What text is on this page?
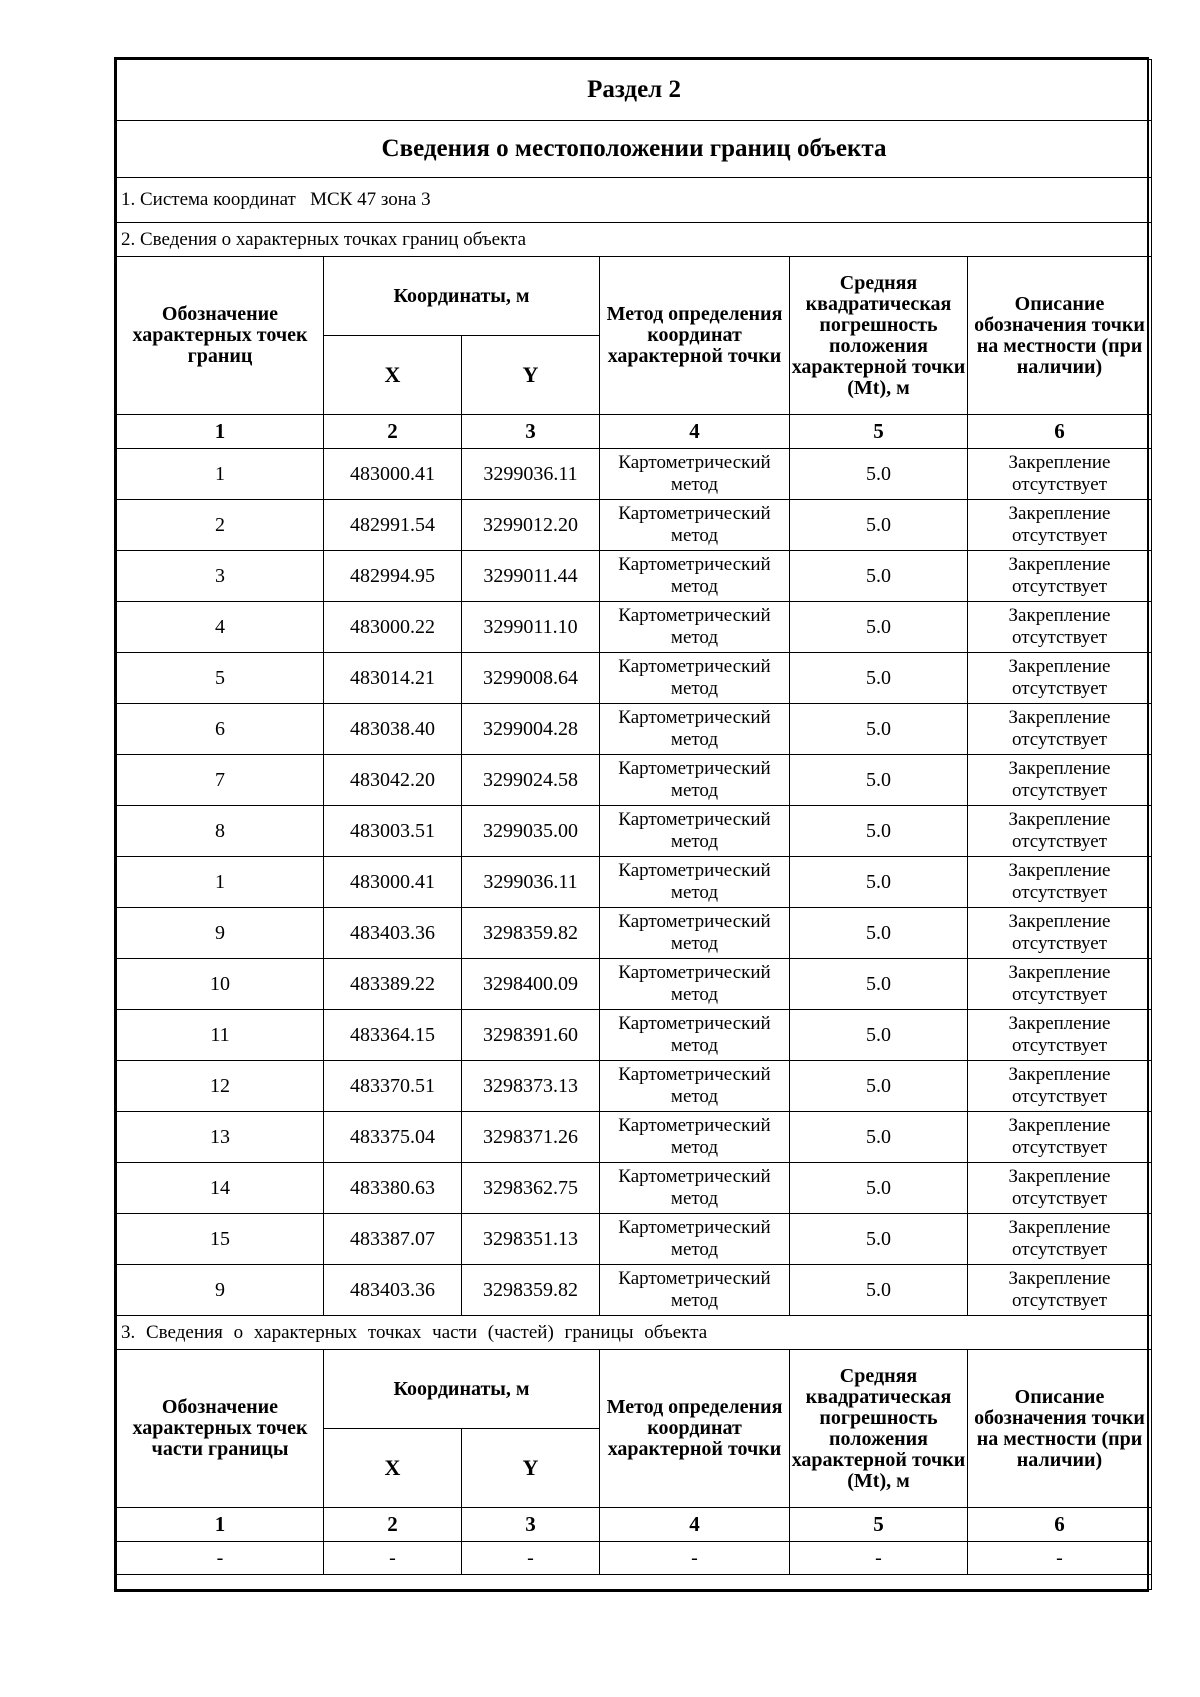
Раздел 2					
Сведения о местоположении границ объекта					
1. Система координат   МСК 47 зона 3					
2. Сведения о характерных точках границ объекта					
Обозначение характерных точек границ	Координаты, м		Метод определения координат характерной точки	Средняя квадратическая погрешность положения характерной точки (Mt), м	Описание обозначения точки на местности (при наличии)
	X	Y			
1	2	3	4	5	6
1	483000.41	3299036.11	Картометрический метод	5.0	Закрепление отсутствует
2	482991.54	3299012.20	Картометрический метод	5.0	Закрепление отсутствует
3	482994.95	3299011.44	Картометрический метод	5.0	Закрепление отсутствует
4	483000.22	3299011.10	Картометрический метод	5.0	Закрепление отсутствует
5	483014.21	3299008.64	Картометрический метод	5.0	Закрепление отсутствует
6	483038.40	3299004.28	Картометрический метод	5.0	Закрепление отсутствует
7	483042.20	3299024.58	Картометрический метод	5.0	Закрепление отсутствует
8	483003.51	3299035.00	Картометрический метод	5.0	Закрепление отсутствует
1	483000.41	3299036.11	Картометрический метод	5.0	Закрепление отсутствует
9	483403.36	3298359.82	Картометрический метод	5.0	Закрепление отсутствует
10	483389.22	3298400.09	Картометрический метод	5.0	Закрепление отсутствует
11	483364.15	3298391.60	Картометрический метод	5.0	Закрепление отсутствует
12	483370.51	3298373.13	Картометрический метод	5.0	Закрепление отсутствует
13	483375.04	3298371.26	Картометрический метод	5.0	Закрепление отсутствует
14	483380.63	3298362.75	Картометрический метод	5.0	Закрепление отсутствует
15	483387.07	3298351.13	Картометрический метод	5.0	Закрепление отсутствует
9	483403.36	3298359.82	Картометрический метод	5.0	Закрепление отсутствует
3. Сведения о характерных точках части (частей) границы объекта					
Обозначение характерных точек части границы	Координаты, м		Метод определения координат характерной точки	Средняя квадратическая погрешность положения характерной точки (Mt), м	Описание обозначения точки на местности (при наличии)
	X	Y			
1	2	3	4	5	6
-	-	-	-	-	-
